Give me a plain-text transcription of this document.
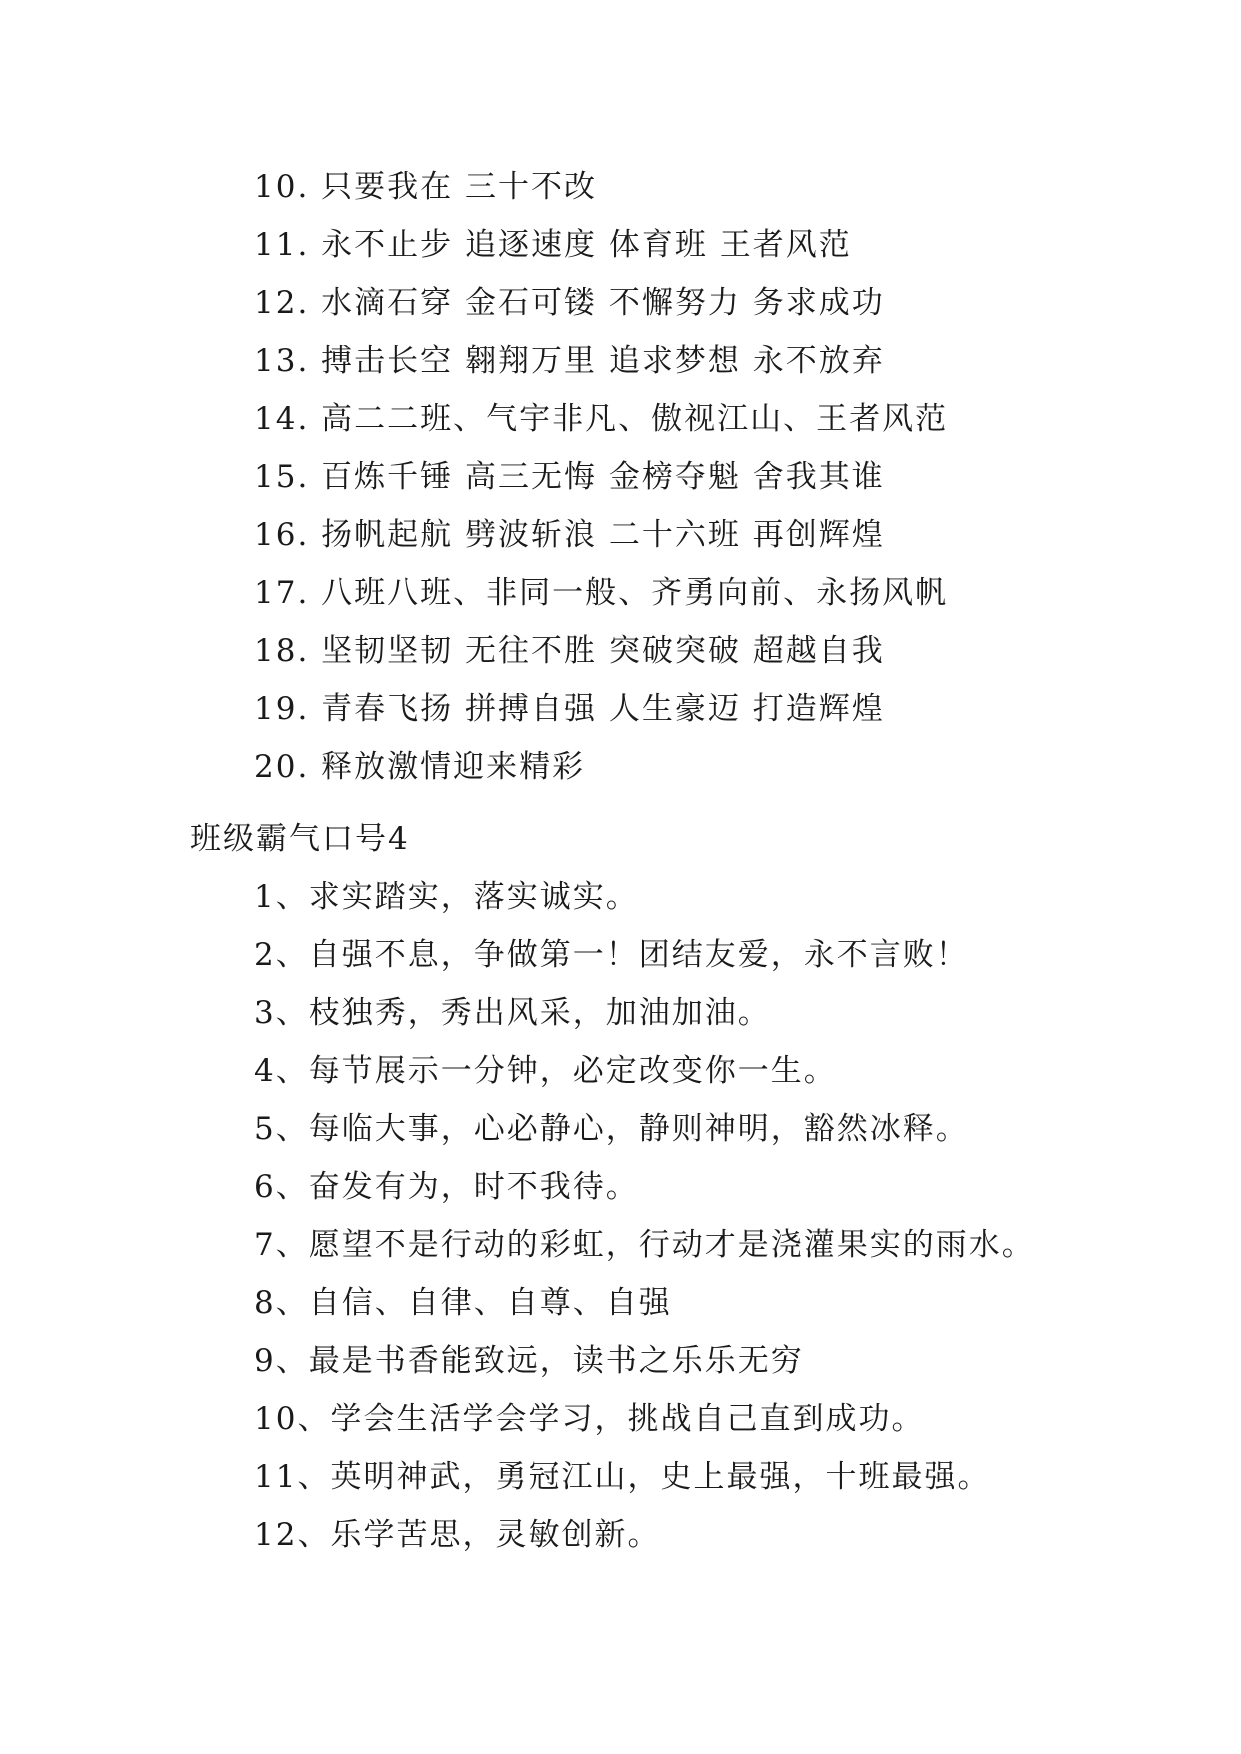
10. 只要我在 三十不改
11. 永不止步 追逐速度 体育班 王者风范
12. 水滴石穿 金石可镂 不懈努力 务求成功
13. 搏击长空 翱翔万里 追求梦想 永不放弃
14. 高二二班、气宇非凡、傲视江山、王者风范
15. 百炼千锤 高三无悔 金榜夺魁 舍我其谁
16. 扬帆起航 劈波斩浪 二十六班 再创辉煌
17. 八班八班、非同一般、齐勇向前、永扬风帆
18. 坚韧坚韧 无往不胜 突破突破 超越自我
19. 青春飞扬 拼搏自强 人生豪迈 打造辉煌
20. 释放激情迎来精彩
班级霸气口号4
1、求实踏实，落实诚实。
2、自强不息，争做第一！团结友爱，永不言败！
3、枝独秀，秀出风采，加油加油。
4、每节展示一分钟，必定改变你一生。
5、每临大事，心必静心，静则神明，豁然冰释。
6、奋发有为，时不我待。
7、愿望不是行动的彩虹，行动才是浇灌果实的雨水。
8、自信、自律、自尊、自强
9、最是书香能致远，读书之乐乐无穷
10、学会生活学会学习，挑战自己直到成功。
11、英明神武，勇冠江山，史上最强，十班最强。
12、乐学苦思，灵敏创新。
